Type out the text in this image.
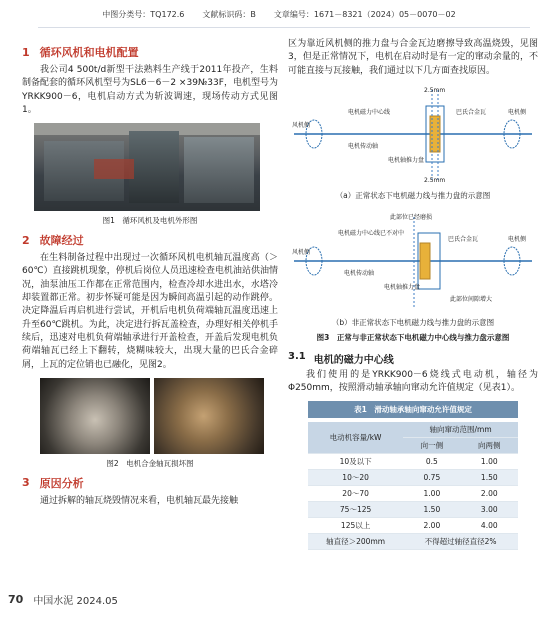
中图分类号：TQ172.6 文献标识码：B 文章编号：1671－8321（2024）05－0070－02
1 循环风机和电机配置

我公司4 500t/d新型干法熟料生产线于2011年投产，生料制备配套的循环风机型号为SL6－6－2 ×39№33F，电机型号为YRKK900－6，电机启动方式为斩波调速，现场传动方式见图1。

图1　循环风机及电机外形图
2 故障经过

在生料制备过程中出现过一次循环风机电机轴瓦温度高（＞60℃）直接跳机现象，停机后岗位人员迅速检查电机油站供油情况，油泵油压工作都在正常范围内，检查冷却水进出水，水塔冷却装置都正常。初步怀疑可能是因为瞬间高温引起的动作跳停。决定降温后再启机进行尝试，开机后电机负荷端轴瓦温度迅速上升至60℃跳机。为此，决定进行拆瓦盖检查，办理好相关停机手续后，迅速对电机负荷端轴承进行开盖检查，开盖后发现电机负荷端轴瓦已经上下翻转，烧糊味较大，出现大量的巴氏合金碎屑，上瓦的定位销也已融化，见图2。

图2　电机合金轴瓦损坏图
3 原因分析

通过拆解的轴瓦烧毁情况来看，电机轴瓦最先接触

区为靠近风机侧的推力盘与合金瓦边磨擦导致高温烧毁，见图3，但是正常情况下，电机在启动时是有一定的窜动余量的，不可能直接与瓦接触，我们通过以下几方面查找原因。

2.5mm
2.5mm
风机侧
电机侧
电机磁力中心线	巴氏合金瓦
电机传动轴
电机轴推力盘
（a）正常状态下电机磁力线与推力盘的示意图
此部位已经磨损
风机侧
电机侧
电机磁力中心线已不对中
巴氏合金瓦
电机传动轴
电机轴推力盘
此部位间隙增大
（b）非正常状态下电机磁力线与推力盘的示意图
图3　正常与非正常状态下电机磁力中心线与推力盘示意图
3.1 电机的磁力中心线

我们使用的是YRKK900－6烧线式电动机，轴径为Φ250mm，按照滑动轴承轴向窜动允许值规定（见表1）。

表1　滑动轴承轴向窜动允许值规定
电动机容量/kW	轴向窜动范围/mm	
	向一侧	向两侧
10及以下	0.5	1.00
10～20	0.75	1.50
20～70	1.00	2.00
75～125	1.50	3.00
125以上	2.00	4.00
轴直径＞200mm	不得超过轴径直径2%	
70 中国水泥 2024.05
